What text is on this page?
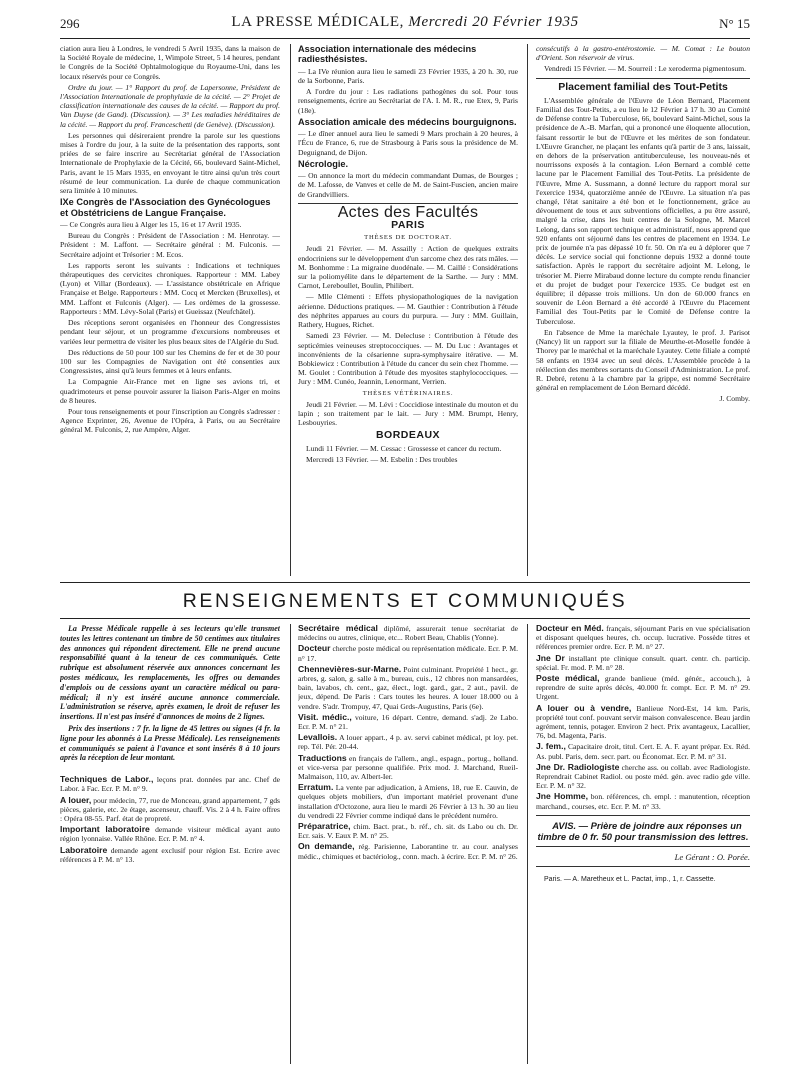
296	LA PRESSE MÉDICALE, Mercredi 20 Février 1935	N° 15

ciation aura lieu à Londres, le vendredi 5 Avril 1935, dans la maison de la Société Royale de médecine, 1, Wimpole Street, 5 14 heures, pendant le Congrès de la Société Ophtalmologique du Royaume-Uni, dans les locaux réservés pour ce Congrès.

Ordre du jour. — 1° Rapport du prof. de Lapersonne, Président de l'Association Internationale de prophylaxie de la cécité. — 2° Projet de classification internationale des causes de la cécité. — Rapport du prof. Van Duyse (de Gand). (Discussion). — 3° Les maladies héréditaires de la cécité. — Rapport du prof. Franceschetti (de Genève). (Discussion).

Les personnes qui désireraient prendre la parole sur les questions mises à l'ordre du jour, à la suite de la présentation des rapports, sont priées de se faire inscrire au Secrétariat général de l'Association Internationale de Prophylaxie de la Cécité, 66, boulevard Saint-Michel, Paris, avant le 15 Mars 1935, en envoyant le titre ainsi qu'un très court résumé de leur communication. La durée de chaque communication sera limitée à 10 minutes.

IXe Congrès de l'Association des Gynécologues et Obstétriciens de Langue Française.

— Ce Congrès aura lieu à Alger les 15, 16 et 17 Avril 1935.

Bureau du Congrès : Président de l'Association : M. Henrotay. — Président : M. Laffont. — Secrétaire général : M. Fulconis. — Secrétaire adjoint et Trésorier : M. Ecos.

Les rapports seront les suivants : Indications et techniques thérapeutiques des cervicites chroniques. Rapporteur : MM. Labey (Lyon) et Villar (Bordeaux). — L'assistance obstétricale en Afrique Française et Belge. Rapporteurs : MM. Cocq et Mercken (Bruxelles), et MM. Laffont et Fulconis (Alger). — Les ordèmes de la grossesse. Rapporteurs : MM. Lévy-Solal (Paris) et Gueissaz (Neufchâtel).

Des réceptions seront organisées en l'honneur des Congressistes pendant leur séjour, et un programme d'excursions nombreuses et variées leur permettra de visiter les plus beaux sites de l'Algérie du Sud.

Des réductions de 50 pour 100 sur les Chemins de fer et de 30 pour 100 sur les Compagnies de Navigation ont été consenties aux Congressistes, ainsi qu'à leurs femmes et à leurs enfants.

La Compagnie Air-France met en ligne ses avions tri, et quadrimoteurs et pense pouvoir assurer la liaison Paris-Alger en moins de 8 heures.

Pour tous renseignements et pour l'inscription au Congrès s'adresser : Agence Exprinter, 26, Avenue de l'Opéra, à Paris, ou au Secrétaire général M. Fulconis, 2, rue Ampère, Alger.

Association internationale des médecins radiesthésistes.

— La IVe réunion aura lieu le samedi 23 Février 1935, à 20 h. 30, rue de la Sorbonne, Paris.

A l'ordre du jour : Les radiations pathogènes du sol. Pour tous renseignements, écrire au Secrétariat de l'A. I. M. R., rue Etex, 9, Paris (18e).

Association amicale des médecins bourguignons.

— Le dîner annuel aura lieu le samedi 9 Mars prochain à 20 heures, à l'Écu de France, 6, rue de Strasbourg à Paris sous la présidence de M. Deguignand, de Dijon.

Nécrologie.

— On annonce la mort du médecin commandant Dumas, de Bourges ; de M. Lafosse, de Vanves et celle de M. de Saint-Fuscien, ancien maire de Grandvilliers.

Actes des Facultés
PARIS
THÈSES DE DOCTORAT.

Jeudi 21 Février. — M. Assailly : Action de quelques extraits endocriniens sur le développement d'un sarcome chez des rats mâles. — M. Bonhomme : La migraine duodénale. — M. Caillé : Considérations sur la poliomyélite dans le département de la Sarthe. — Jury : MM. Carnot, Lereboullet, Boulin, Philibert.

— Mlle Clémenti : Effets physiopathologiques de la navigation aérienne. Déductions pratiques. — M. Gauthier : Contribution à l'étude des néphrites apparues au cours du purpura. — Jury : MM. Guillain, Rathery, Hugues, Richet.

Samedi 23 Février. — M. Delecluse : Contribution à l'étude des septicémies veineuses streptococciques. — M. Du Luc : Avantages et inconvénients de la césarienne supra-symphysaire itérative. — M. Bobkiewicz : Contribution à l'étude du cancer du sein chez l'homme. — M. Goulet : Contribution à l'étude des myosites staphylococciques. — Jury : MM. Cunéo, Jeannin, Lenormant, Verrien.

THÈSES VÉTÉRINAIRES.

Jeudi 21 Février. — M. Lévi : Coccidiose intestinale du mouton et du lapin ; son traitement par le lait. — Jury : MM. Brumpt, Henry, Lesbouyries.

BORDEAUX

Lundi 11 Février. — M. Cessac : Grossesse et cancer du rectum.

Mercredi 13 Février. — M. Esbelin : Des troubles

consécutifs à la gastro-entérostomie. — M. Comat : Le bouton d'Orient. Son réservoir de virus.

Vendredi 15 Février. — M. Sourreil : Le xeroderma pigmentosum.

Placement familial des Tout-Petits

L'Assemblée générale de l'Œuvre de Léon Bernard, Placement Familial des Tout-Petits, a eu lieu le 12 Février à 17 h. 30 au Comité de Défense contre la Tuberculose, 66, boulevard Saint-Michel, sous la présidence de A.-B. Marfan, qui a prononcé une éloquente allocution, faisant ressortir le but de l'Œuvre et les mérites de son fondateur. L'Œuvre Grancher, ne plaçant les enfants qu'à partir de 3 ans, laissait, en dehors de la préservation antituberculeuse, les nouveau-nés et nourrissons exposés à la contagion. Léon Bernard a comblé cette lacune par le Placement Familial des Tout-Petits. La présidente de l'Œuvre, Mme A. Sussmann, a donné lecture du rapport moral sur l'exercice 1934, quatorzième année de l'Œuvre. La situation n'a pas changé, l'état sanitaire a été bon et le fonctionnement, grâce au dévouement de tous et aux subventions officielles, a pu être assuré, malgré la crise, dans les huit centres de la Sologne, M. Marcel Lelong, dans son rapport technique et administratif, nous apprend que 920 enfants ont séjourné dans les centres de placement en 1934. Le prix de journée n'a pas dépassé 10 fr. 50. On n'a eu à déplorer que 7 décès. Le service social qui fonctionne depuis 1932 a donné toute satisfaction. Après le rapport du secrétaire adjoint M. Lelong, le trésorier M. Pierre Mirabaud donne lecture du compte rendu financier et du projet de budget pour l'exercice 1935. Ce budget est en équilibre; il dépasse trois millions. Un don de 60.000 francs en souvenir de Léon Bernard a été accordé à l'Œuvre du Placement Familial des Tout-Petits par le Comité de Défense contre la Tuberculose.

En l'absence de Mme la maréchale Lyautey, le prof. J. Parisot (Nancy) lit un rapport sur la filiale de Meurthe-et-Moselle fondée à Thorey par le maréchal et la maréchale Lyautey. Cette filiale a compté 58 enfants en 1934 avec un seul décès. L'Assemblée procède à la réélection des membres sortants du Conseil d'Administration. Le prof. R. Debré, retenu à la chambre par la grippe, est nommé Secrétaire général en remplacement de Léon Bernard décédé.

J. Comby.

RENSEIGNEMENTS ET COMMUNIQUÉS

La Presse Médicale rappelle à ses lecteurs qu'elle transmet toutes les lettres contenant un timbre de 50 centimes aux titulaires des annonces qui répondent directement. Elle ne prend aucune responsabilité quant à la teneur de ces communiqués. Cette rubrique est absolument réservée aux annonces concernant les postes médicaux, les remplacements, les offres ou demandes d'emplois ou de cessions ayant un caractère médical ou para-médical; il n'y est inséré aucune annonce commerciale. L'administration se réserve, après examen, le droit de refuser les insertions. Il n'est pas inséré d'annonces de moins de 2 lignes.

Prix des insertions : 7 fr. la ligne de 45 lettres ou signes (4 fr. la ligne pour les abonnés à La Presse Médicale). Les renseignements et communiqués se paient à l'avance et sont insérés 8 à 10 jours après la réception de leur montant.

Techniques de Labor., leçons prat. données par anc. Chef de Labor. à Fac. Ecr. P. M. n° 9.

A louer, pour médecin, 77, rue de Monceau, grand appartement, 7 gds pièces, galerie, etc. 2e étage, ascenseur, chauff. Vis. 2 à 4 h. Faire offres : Opéra 08-55. Parf. état de propreté.

Important laboratoire demande visiteur médical ayant auto région lyonnaise. Vallée Rhône. Ecr. P. M. n° 4.

Laboratoire demande agent exclusif pour région Est. Ecrire avec références à P. M. n° 13.

Secrétaire médical diplômé, assurerait tenue secrétariat de médecins ou autres, clinique, etc... Robert Beau, Chablis (Yonne).

Docteur cherche poste médical ou représentation médicale. Ecr. P. M. n° 17.

Chennevières-sur-Marne. Point culminant. Propriété 1 hect., gr. arbres, g. salon, g. salle à m., bureau, cuis., 12 chbres non mansardées, bain, lavabos, ch. cent., gaz, élect., logt. gard., gar., 2 aut., pavil. de jeux, dépend. De Paris : Cars toutes les heures. A louer 18.000 ou à vendre. S'adr. Trompuy, 47, Quai Grds-Augustins, Paris (6e).

Visit. médic., voiture, 16 départ. Centre, demand. s'adj. 2e Labo. Ecr. P. M. n° 21.

Levallois. A louer appart., 4 p. av. servi cabinet médical, pt loy. pet. rep. Tél. Pér. 20-44.

Traductions en français de l'allem., angl., espagn., portug., holland. et vice-versa par personne qualifiée. Prix mod. J. Marchand, Rueil-Malmaison, 110, av. Albert-Ier.

Erratum. La vente par adjudication, à Amiens, 18, rue E. Cauvin, de quelques objets mobiliers, d'un important matériel provenant d'une installation d'Octozone, aura lieu le mardi 26 Février à 13 h. 30 au lieu du vendredi 22 Février comme indiqué dans le précédent numéro.

Préparatrice, chim. Bact. prat., b. réf., ch. sit. ds Labo ou ch. Dr. Ecr. sais. V. Eaux P. M. n° 25.

On demande, rég. Parisienne, Laborantine tr. au cour. analyses médic., chimiques et bactériolog., conn. mach. à écrire. Ecr. P. M. n° 26.

Docteur en Méd. français, séjournant Paris en vue spécialisation et disposant quelques heures, ch. occup. lucrative. Possède titres et références premier ordre. Ecr. P. M. n° 27.

Jne Dr installant pte clinique consult. quart. centr. ch. particip. spécial. Fr. mod. P. M. n° 28.

Poste médical, grande banlieue (méd. génér., accouch.), à reprendre de suite après décès, 40.000 fr. compt. Ecr. P. M. n° 29. Urgent.

A louer ou à vendre, Banlieue Nord-Est, 14 km. Paris, propriété tout conf. pouvant servir maison convalescence. Beau jardin agrément, tennis, potager. Environ 2 hect. Prix avantageux, Lacallier, 76, bd. Magenta, Paris.

J. fem., Capacitaire droit, titul. Cert. E. A. F. ayant prépar. Ex. Réd. As. publ. Paris, dem. secr. part. ou Économat. Ecr. P. M. n° 31.

Jne Dr. Radiologiste cherche ass. ou collab. avec Radiologiste. Reprendrait Cabinet Radiol. ou poste méd. gén. avec radio gde ville. Ecr. P. M. n° 32.

Jne Homme, bon. références, ch. empl. : manutention, réception marchand., courses, etc. Ecr. P. M. n° 33.

AVIS. — Prière de joindre aux réponses un timbre de 0 fr. 50 pour transmission des lettres.

Le Gérant : O. Porée.

Paris. — A. Maretheux et L. Pactat, imp., 1, r. Cassette.
